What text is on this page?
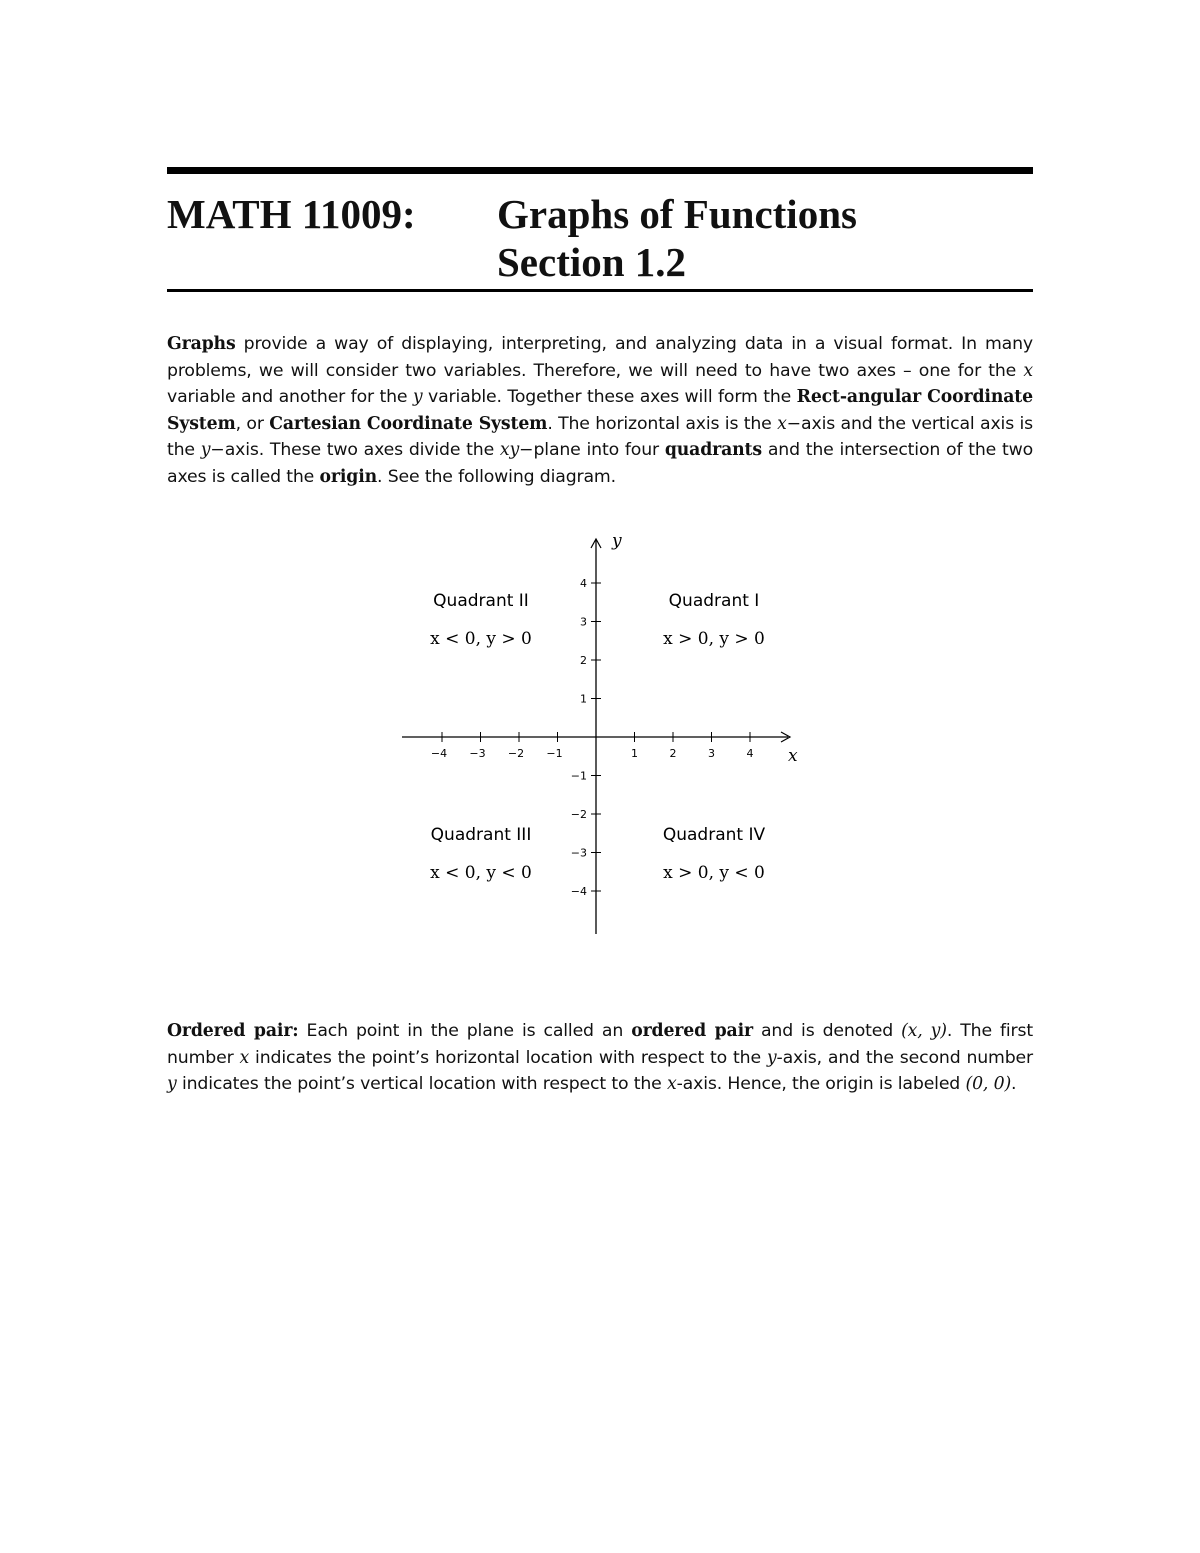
MATH 11009: Graphs of Functions
Section 1.2
Graphs provide a way of displaying, interpreting, and analyzing data in a visual format. In many problems, we will consider two variables. Therefore, we will need to have two axes – one for the x variable and another for the y variable. Together these axes will form the Rect-angular Coordinate System, or Cartesian Coordinate System. The horizontal axis is the x−axis and the vertical axis is the y−axis. These two axes divide the xy−plane into four quadrants and the intersection of the two axes is called the origin. See the following diagram.
−4 −3 −2 −1	1	2	3	4
4
3
2
1
−1
−2
−3
−4
x
y
Quadrant II
x < 0, y > 0
Quadrant I
x > 0, y > 0
Quadrant III
x < 0, y < 0
Quadrant IV
x > 0, y < 0
Ordered pair: Each point in the plane is called an ordered pair and is denoted (x, y). The first number x indicates the point’s horizontal location with respect to the y-axis, and the second number y indicates the point’s vertical location with respect to the x-axis. Hence, the origin is labeled (0, 0).
